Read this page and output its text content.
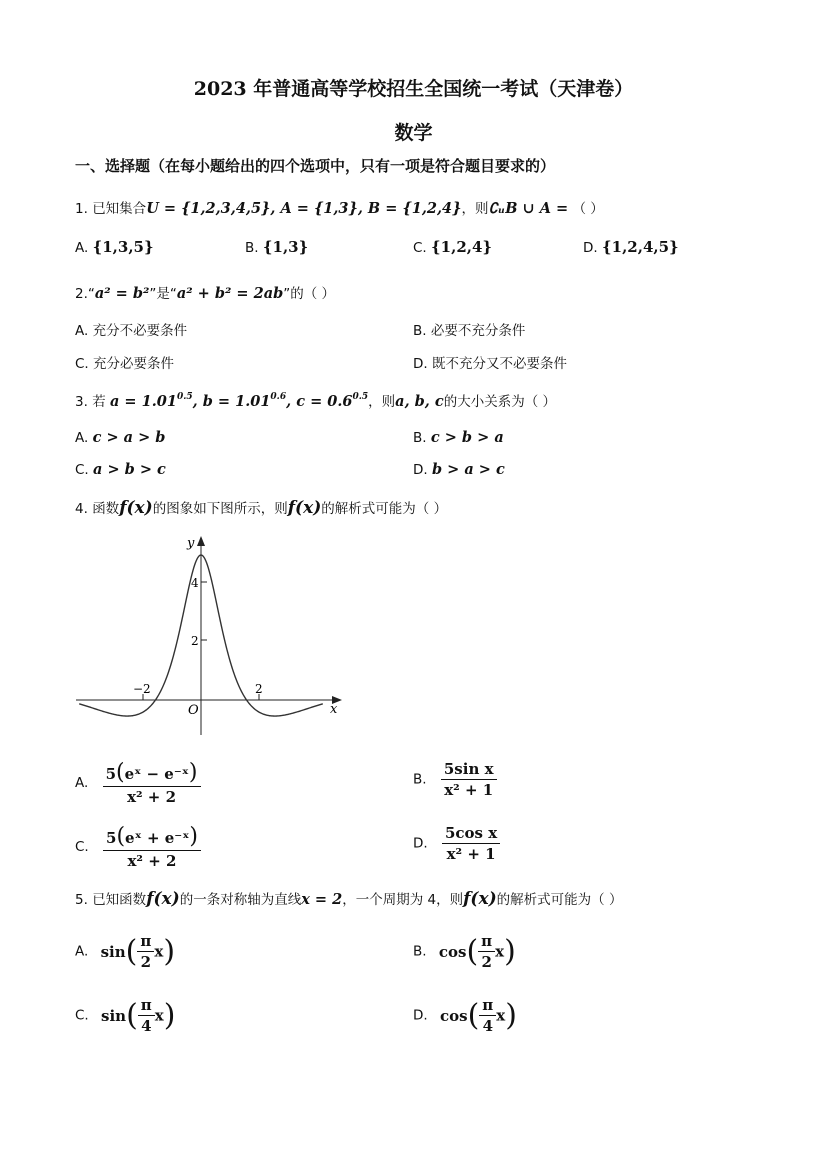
2023 年普通高等学校招生全国统一考试（天津卷）
数学
一、选择题（在每小题给出的四个选项中，只有一项是符合题目要求的）
1. 已知集合U = {1,2,3,4,5}, A = {1,3}, B = {1,2,4}，则∁ᵤB ∪ A = （ ）
A. {1,3,5}	B. {1,3}	C. {1,2,4}	D. {1,2,4,5}
2.“a² = b²”是“a² + b² = 2ab”的（ ）
A. 充分不必要条件	B. 必要不充分条件
C. 充分必要条件	D. 既不充分又不必要条件
3. 若 $a = 1.01^{0.5}$, $b = 1.01^{0.6}$, $c = 0.6^{0.5}$，则a, b, c的大小关系为（ ）
A. c > a > b	B. c > b > a
C. a > b > c	D. b > a > c
4. 函数f(x)的图象如下图所示，则f(x)的解析式可能为（ ）
y
x
O
4
2
−2	2
A. $\frac{\text{5(eˣ − e⁻ˣ)}}{\text{x² + 2}}$	B. $\frac{\text{5sin x}}{\text{x² + 1}}$
C. $\frac{\text{5(eˣ + e⁻ˣ)}}{\text{x² + 2}}$	D. $\frac{\text{5cos x}}{\text{x² + 1}}$
5. 已知函数f(x)的一条对称轴为直线x = 2，一个周期为 4，则f(x)的解析式可能为（ ）
A. $\sin( \frac{\pi}{2} x)$	B. $\cos( \frac{\pi}{2} x)$
C. $\sin( \frac{\pi}{4} x)$	D. $\cos( \frac{\pi}{4} x)$
